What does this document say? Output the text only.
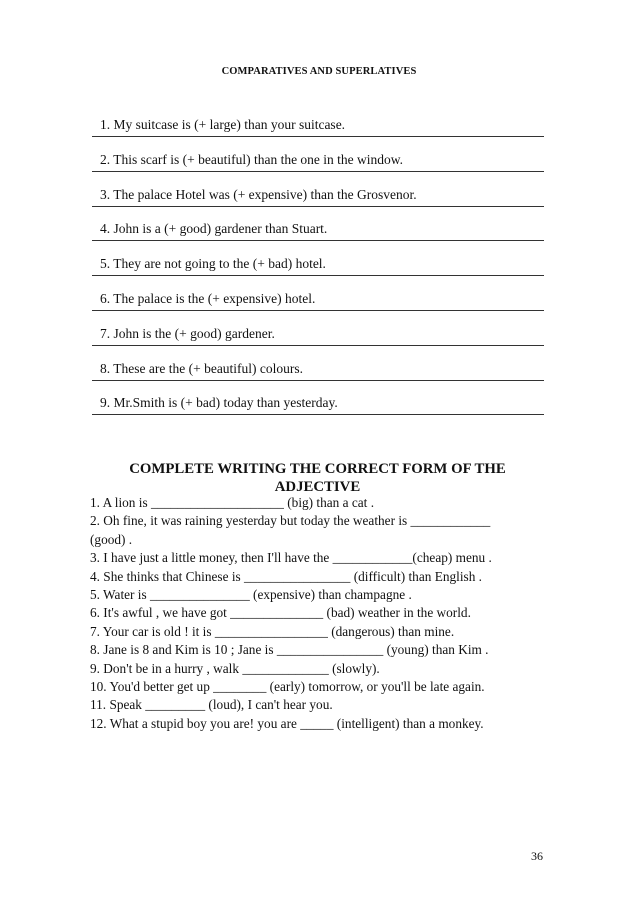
COMPARATIVES AND SUPERLATIVES
1. My suitcase is (+ large) than your suitcase.
2. This scarf is (+ beautiful) than the one in the window.
3. The palace Hotel was (+ expensive) than the Grosvenor.
4. John is a (+ good) gardener than Stuart.
5. They are not going to the (+ bad) hotel.
6. The palace is the (+ expensive) hotel.
7. John is the (+ good) gardener.
8. These are the (+ beautiful) colours.
9. Mr.Smith is (+ bad) today than yesterday.
COMPLETE WRITING THE CORRECT FORM OF THE ADJECTIVE
1. A lion is ____________________ (big) than a cat .
2. Oh fine, it was raining yesterday but today the weather is ____________
(good) .
3. I have just a little money, then I'll have the ____________(cheap) menu .
4. She thinks that Chinese is ________________ (difficult) than English .
5. Water is _______________ (expensive) than champagne .
6. It's awful , we have got ______________ (bad) weather in the world.
7. Your car is old ! it is _________________ (dangerous) than mine.
8. Jane is 8 and Kim is 10 ; Jane is ________________ (young) than Kim .
9. Don't be in a hurry , walk _____________ (slowly).
10. You'd better get up ________ (early) tomorrow, or you'll be late again.
11. Speak _________ (loud), I can't hear you.
12. What a stupid boy you are! you are _____ (intelligent) than a monkey.
36
